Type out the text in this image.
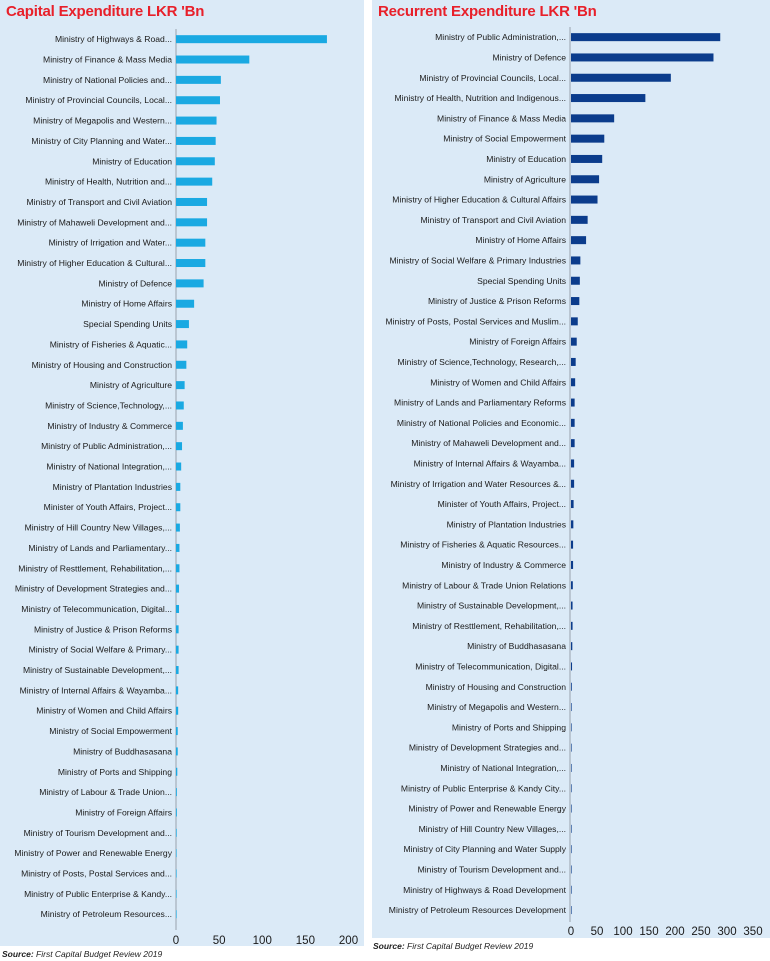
Capital Expenditure LKR 'Bn	Recurrent Expenditure LKR 'Bn
Ministry of Highways & Road...
Ministry of Finance & Mass Media
Ministry of National Policies and...
Ministry of Provincial Councils, Local...
Ministry of Megapolis and Western...
Ministry of City Planning and Water...
Ministry of Education
Ministry of Health, Nutrition and...
Ministry of Transport and Civil Aviation
Ministry of Mahaweli Development and...
Ministry of Irrigation and Water...
Ministry of Higher Education & Cultural...
Ministry of Defence
Ministry of Home Affairs
Special Spending Units
Ministry of Fisheries & Aquatic...
Ministry of Housing and Construction
Ministry of Agriculture
Ministry of Science,Technology,...
Ministry of Industry & Commerce
Ministry of Public Administration,...
Ministry of National Integration,...
Ministry of Plantation Industries
Minister of Youth Affairs, Project...
Ministry of Hill Country New Villages,...
Ministry of Lands and Parliamentary...
Ministry of Resttlement, Rehabilitation,...
Ministry of Development Strategies and...
Ministry of Telecommunication, Digital...
Ministry of Justice & Prison Reforms
Ministry of Social Welfare & Primary...
Ministry of Sustainable Development,...
Ministry of Internal Affairs & Wayamba...
Ministry of Women and Child Affairs
Ministry of Social Empowerment
Ministry of Buddhasasana
Ministry of Ports and Shipping
Ministry of Labour & Trade Union...
Ministry of Foreign Affairs
Ministry of Tourism Development and...
Ministry of Power and Renewable Energy
Ministry of Posts, Postal Services and...
Ministry of Public Enterprise & Kandy...
Ministry of Petroleum Resources...
0	50 100 150 200
Ministry of Public Administration,...
Ministry of Defence
Ministry of Provincial Councils, Local...
Ministry of Health, Nutrition and Indigenous...
Ministry of Finance & Mass Media
Ministry of Social Empowerment
Ministry of Education
Ministry of Agriculture
Ministry of Higher Education & Cultural Affairs
Ministry of Transport and Civil Aviation
Ministry of Home Affairs
Ministry of Social Welfare & Primary Industries
Special Spending Units
Ministry of Justice & Prison Reforms
Ministry of Posts, Postal Services and Muslim...
Ministry of Foreign Affairs
Ministry of Science,Technology, Research,...
Ministry of Women and Child Affairs
Ministry of Lands and Parliamentary Reforms
Ministry of National Policies and Economic...
Ministry of Mahaweli Development and...
Ministry of Internal Affairs & Wayamba...
Ministry of Irrigation and Water Resources &...
Minister of Youth Affairs, Project...
Ministry of Plantation Industries
Ministry of Fisheries & Aquatic Resources...
Ministry of Industry & Commerce
Ministry of Labour & Trade Union Relations
Ministry of Sustainable Development,...
Ministry of Resttlement, Rehabilitation,...
Ministry of Buddhasasana
Ministry of Telecommunication, Digital...
Ministry of Housing and Construction
Ministry of Megapolis and Western...
Ministry of Ports and Shipping
Ministry of Development Strategies and...
Ministry of National Integration,...
Ministry of Public Enterprise & Kandy City...
Ministry of Power and Renewable Energy
Ministry of Hill Country New Villages,...
Ministry of City Planning and Water Supply
Ministry of Tourism Development and...
Ministry of Highways & Road Development
Ministry of Petroleum Resources Development
0 50 100 150 200 250 300 350
Source: First Capital Budget Review 2019
Source: First Capital Budget Review 2019
